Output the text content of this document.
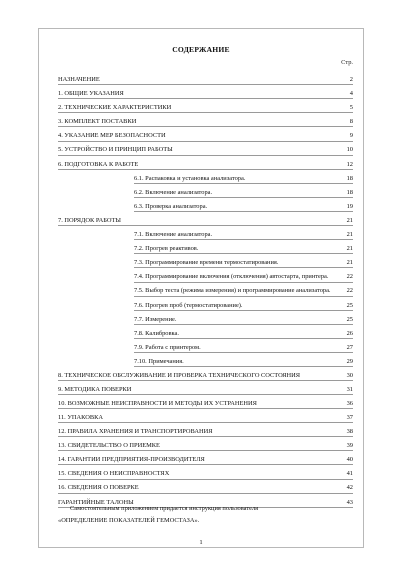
СОДЕРЖАНИЕ
Стр.
НАЗНАЧЕНИЕ	2
1. ОБЩИЕ УКАЗАНИЯ	4
2. ТЕХНИЧЕСКИЕ ХАРАКТЕРИСТИКИ	5
3. КОМПЛЕКТ ПОСТАВКИ	8
4. УКАЗАНИЕ МЕР БЕЗОПАСНОСТИ	9
5. УСТРОЙСТВО И ПРИНЦИП РАБОТЫ	10
6. ПОДГОТОВКА К РАБОТЕ	12
6.1. Распаковка и установка анализатора.	18
6.2. Включение анализатора.	18
6.3. Проверка анализатора.	19
7. ПОРЯДОК РАБОТЫ	21
7.1. Включение анализатора.	21
7.2. Прогрев реактивов.	21
7.3. Программирование времени термостатирования.	21
7.4. Программирование включения (отключения) автостарта, принтера.	22
7.5. Выбор теста (режима измерения) и программирование анализатора.	22
7.6. Прогрев проб (термостатирование).	25
7.7. Измерение.	25
7.8. Калибровка.	26
7.9. Работа с принтером.	27
7.10. Примечания.	29
8. ТЕХНИЧЕСКОЕ ОБСЛУЖИВАНИЕ И ПРОВЕРКА ТЕХНИЧЕСКОГО СОСТОЯНИЯ	30
9. МЕТОДИКА ПОВЕРКИ	31
10. ВОЗМОЖНЫЕ НЕИСПРАВНОСТИ И МЕТОДЫ ИХ УСТРАНЕНИЯ	36
11. УПАКОВКА	37
12. ПРАВИЛА ХРАНЕНИЯ И ТРАНСПОРТИРОВАНИЯ	38
13. СВИДЕТЕЛЬСТВО О ПРИЕМКЕ	39
14. ГАРАНТИИ ПРЕДПРИЯТИЯ-ПРОИЗВОДИТЕЛЯ	40
15. СВЕДЕНИЯ О НЕИСПРАВНОСТЯХ	41
16. СВЕДЕНИЯ О ПОВЕРКЕ	42
ГАРАНТИЙНЫЕ ТАЛОНЫ	43
Самостоятельным приложением придается инструкция пользователя
«ОПРЕДЕЛЕНИЕ ПОКАЗАТЕЛЕЙ ГЕМОСТАЗА».
1
